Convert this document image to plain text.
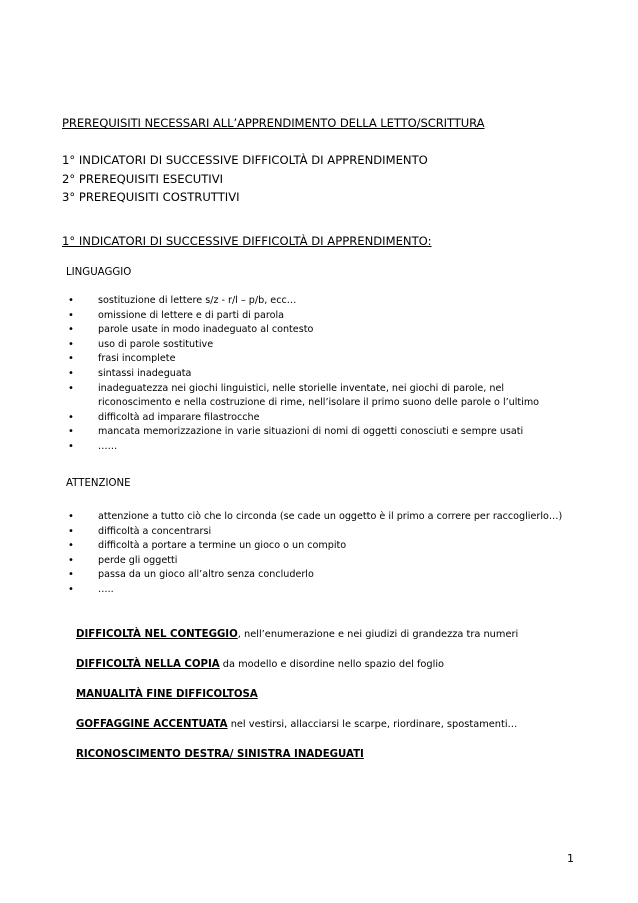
PREREQUISITI NECESSARI ALL’APPRENDIMENTO DELLA LETTO/SCRITTURA
1° INDICATORI DI SUCCESSIVE DIFFICOLTÀ DI APPRENDIMENTO
2° PREREQUISITI ESECUTIVI
3° PREREQUISITI COSTRUTTIVI
1° INDICATORI DI SUCCESSIVE DIFFICOLTÀ DI APPRENDIMENTO:
LINGUAGGIO
• sostituzione di lettere s/z - r/l – p/b, ecc…
• omissione di lettere e di parti di parola
• parole usate in modo inadeguato al contesto
• uso di parole sostitutive
• frasi incomplete
• sintassi inadeguata
• inadeguatezza nei giochi linguistici, nelle storielle inventate, nei giochi di parole, nel riconoscimento e nella costruzione di rime, nell’isolare il primo suono delle parole o l’ultimo
• difficoltà ad imparare filastrocche
• mancata memorizzazione in varie situazioni di nomi di oggetti conosciuti e sempre usati
• ……
ATTENZIONE
• attenzione a tutto ciò che lo circonda (se cade un oggetto è il primo a correre per raccoglierlo…)
• difficoltà a concentrarsi
• difficoltà a portare a termine un gioco o un compito
• perde gli oggetti
• passa da un gioco all’altro senza concluderlo
• …..
DIFFICOLTÀ NEL CONTEGGIO, nell’enumerazione e nei giudizi di grandezza tra numeri
DIFFICOLTÀ NELLA COPIA da modello e disordine nello spazio del foglio
MANUALITÀ FINE DIFFICOLTOSA
GOFFAGGINE ACCENTUATA nel vestirsi, allacciarsi le scarpe, riordinare, spostamenti…
RICONOSCIMENTO DESTRA/ SINISTRA INADEGUATI
1
